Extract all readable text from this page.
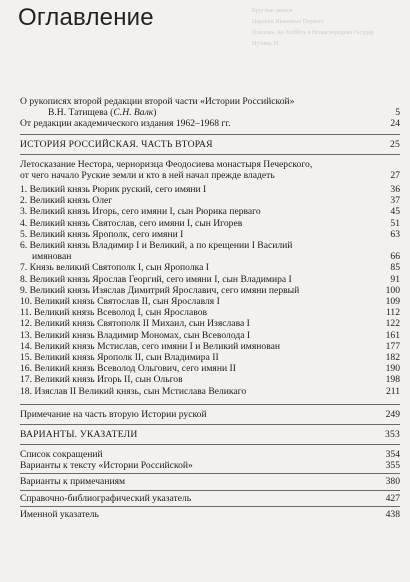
Круглые записи
Царских Ивановых Первого
Поклона. Ко Хюббоу в Новая передняя Государ
Путина. И
Оглавление
О рукописях второй редакции второй части «Истории Российской»
В.Н. Татищева (С.Н. Валк)	5
От редакции академического издания 1962–1968 гг.	24
ИСТОРИЯ РОССИЙСКАЯ. ЧАСТЬ ВТОРАЯ	25
Летосказание Нестора, черноризца Феодосиева монастыря Печерского,
от чего начало Руские земли и кто в ней начал прежде владеть	27
1. Великий князь Рюрик руский, сего имяни I	36
2. Великий князь Олег	37
3. Великий князь Игорь, сего имяни I, сын Рюрика перваго	45
4. Великий князь Святослав, сего имяни I, сын Игорев	51
5. Великий князь Ярополк, сего имяни I	63
6. Великий князь Владимир I и Великий, а по крещении I Василий
имянован	66
7. Князь великий Святополк I, сын Ярополка I	85
8. Великий князь Ярослав Георгий, сего имяни I, сын Владимира I	91
9. Великий князь Изяслав Димитрий Ярославич, сего имяни первый	100
10. Великий князь Святослав II, сын Ярославля I	109
11. Великий князь Всеволод I, сын Ярославов	112
12. Великий князь Святополк II Михаил, сын Изяслава I	122
13. Великий князь Владимир Мономах, сын Всеволода I	161
14. Великий князь Мстислав, сего имяни I и Великий имянован	177
15. Великий князь Ярополк II, сын Владимира II	182
16. Великий князь Всеволод Ольгович, сего имяни II	190
17. Великий князь Игорь II, сын Ольгов	198
18. Изяслав II Великий князь, сын Мстислава Великаго	211
Примечание на часть вторую Истории руской	249
ВАРИАНТЫ. УКАЗАТЕЛИ	353
Список сокращений	354
Варианты к тексту «Истории Российской»	355
Варианты к примечаниям	380
Справочно-библиографический указатель	427
Именной указатель	438
